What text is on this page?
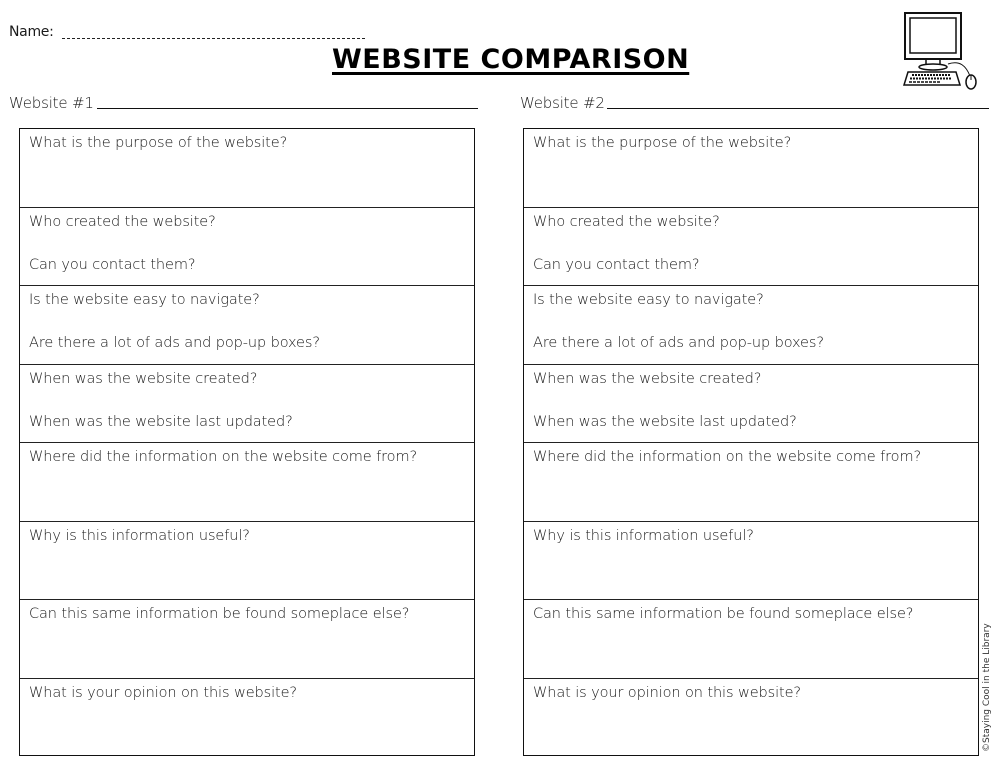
Name:
WEBSITE COMPARISON
Website #1	Website #2
What is the purpose of the website?
Who created the website?
Can you contact them?
Is the website easy to navigate?
Are there a lot of ads and pop-up boxes?
When was the website created?
When was the website last updated?
Where did the information on the website come from?
Why is this information useful?
Can this same information be found someplace else?
What is your opinion on this website?
What is the purpose of the website?
Who created the website?
Can you contact them?
Is the website easy to navigate?
Are there a lot of ads and pop-up boxes?
When was the website created?
When was the website last updated?
Where did the information on the website come from?
Why is this information useful?
Can this same information be found someplace else?
What is your opinion on this website?	©Staying Cool in the Library
